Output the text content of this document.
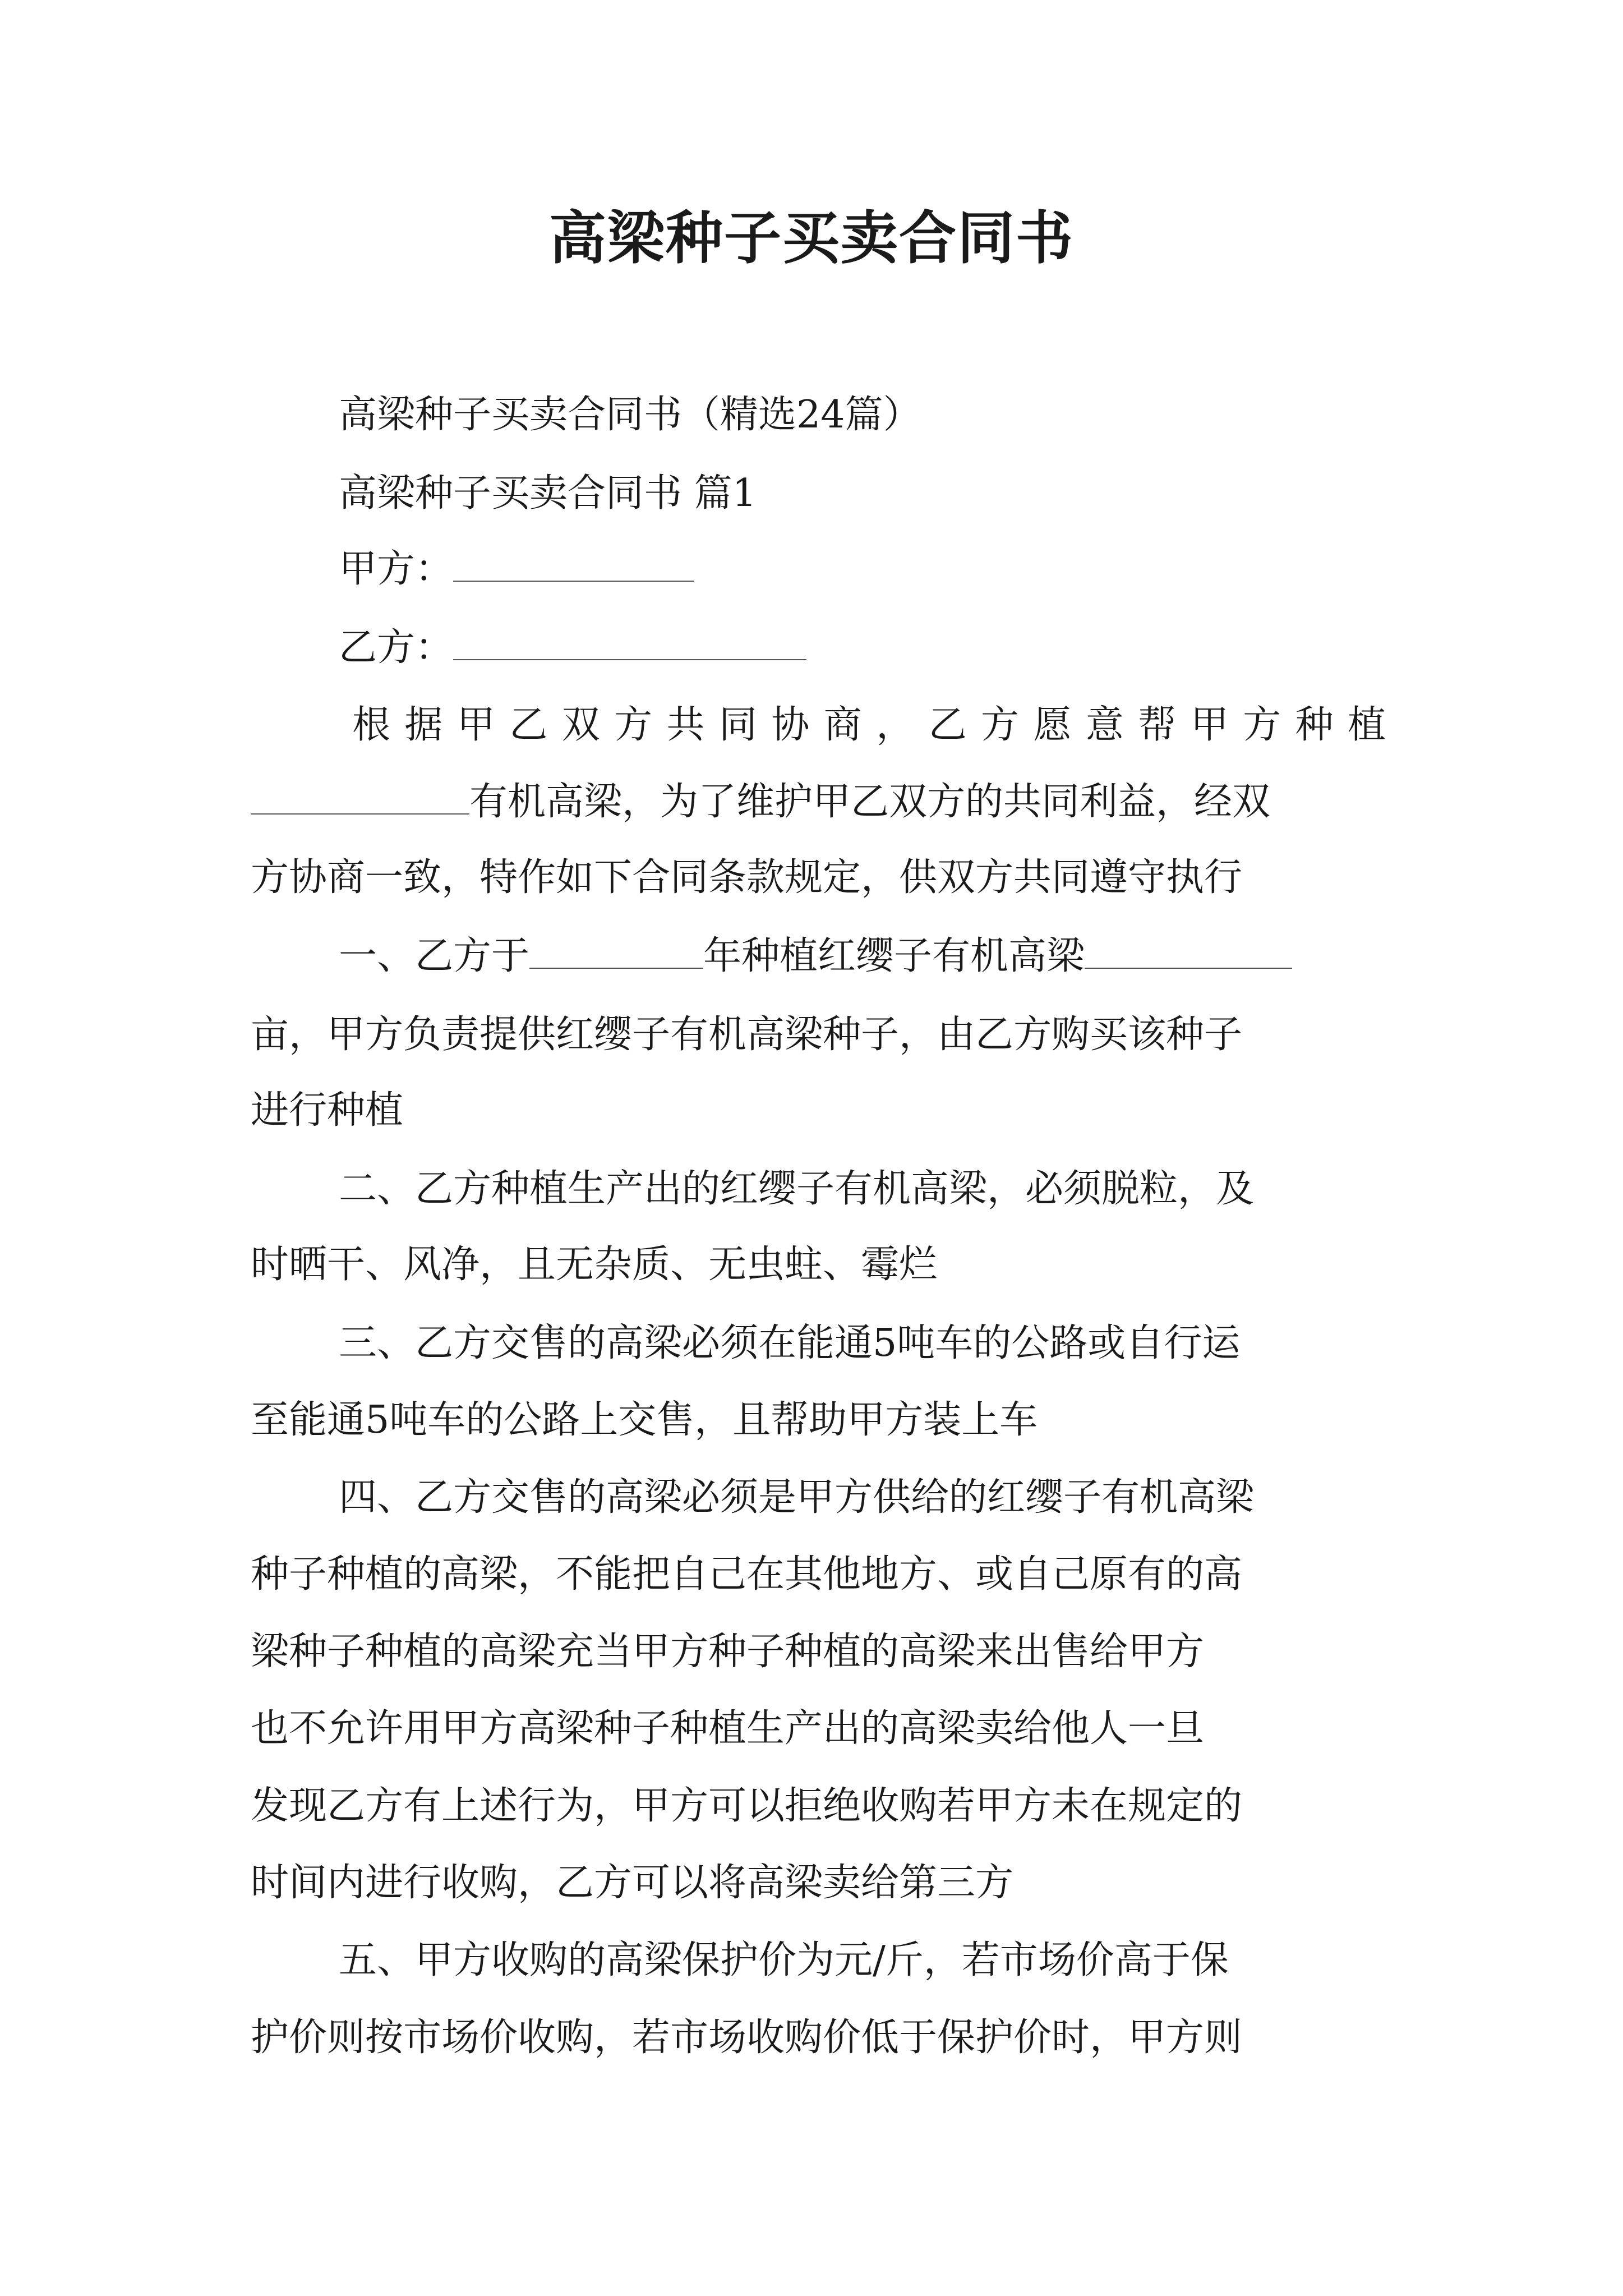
高梁种子买卖合同书
高梁种子买卖合同书（精选24篇）
高梁种子买卖合同书 篇1
甲方：
乙方：
根据甲乙双方共同协商，乙方愿意帮甲方种植
有机高梁，为了维护甲乙双方的共同利益，经双
方协商一致，特作如下合同条款规定，供双方共同遵守执行
一、乙方于	年种植红缨子有机高梁
亩，甲方负责提供红缨子有机高梁种子，由乙方购买该种子
进行种植
二、乙方种植生产出的红缨子有机高梁，必须脱粒，及
时晒干、风净，且无杂质、无虫蛀、霉烂
三、乙方交售的高梁必须在能通5吨车的公路或自行运
至能通5吨车的公路上交售，且帮助甲方装上车
四、乙方交售的高梁必须是甲方供给的红缨子有机高梁
种子种植的高梁，不能把自己在其他地方、或自己原有的高
梁种子种植的高梁充当甲方种子种植的高梁来出售给甲方
也不允许用甲方高梁种子种植生产出的高梁卖给他人一旦
发现乙方有上述行为，甲方可以拒绝收购若甲方未在规定的
时间内进行收购，乙方可以将高梁卖给第三方
五、甲方收购的高梁保护价为元/斤，若市场价高于保
护价则按市场价收购，若市场收购价低于保护价时，甲方则
